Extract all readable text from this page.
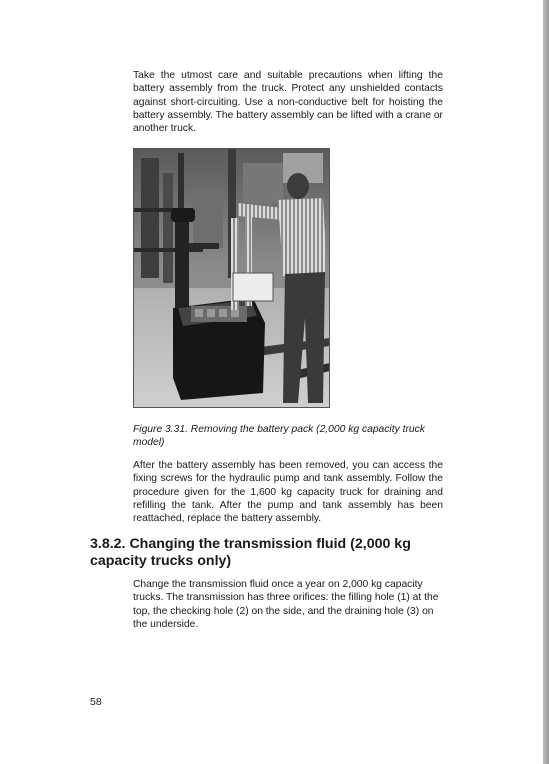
Take the utmost care and suitable precautions when lifting the battery assembly from the truck. Protect any unshielded contacts against short-circuiting. Use a non-conductive belt for hoisting the battery assembly. The battery assembly can be lifted with a crane or another truck.

Figure 3.31. Removing the battery pack (2,000 kg capacity truck model)

After the battery assembly has been removed, you can access the fixing screws for the hydraulic pump and tank assembly. Follow the procedure given for the 1,600 kg capacity truck for draining and refilling the tank. After the pump and tank assembly has been reattached, replace the battery assembly.

3.8.2. Changing the transmission fluid (2,000 kg capacity trucks only)

Change the transmission fluid once a year on 2,000 kg capacity trucks. The transmission has three orifices: the filling hole (1) at the top, the checking hole (2) on the side, and the draining hole (3) on the underside.

58
